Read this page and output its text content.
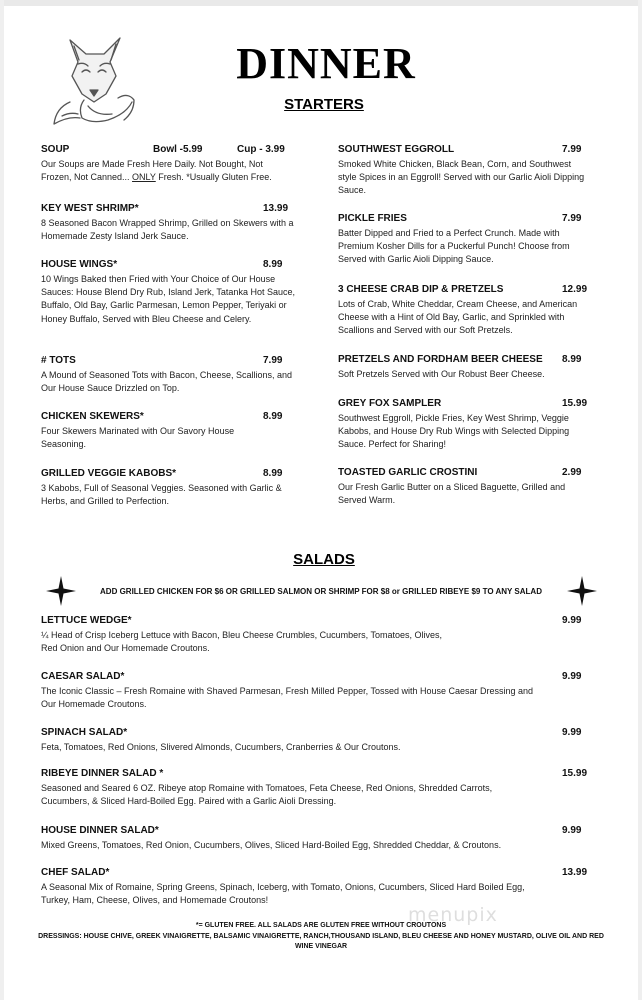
DINNER
STARTERS
SOUP	Bowl -5.99	Cup - 3.99
Our Soups are Made Fresh Here Daily. Not Bought, Not Frozen, Not Canned... ONLY Fresh. *Usually Gluten Free.
KEY WEST SHRIMP*	13.99
8 Seasoned Bacon Wrapped Shrimp, Grilled on Skewers with a Homemade Zesty Island Jerk Sauce.
HOUSE WINGS*	8.99
10 Wings Baked then Fried with Your Choice of Our House Sauces: House Blend Dry Rub, Island Jerk, Tatanka Hot Sauce, Buffalo, Old Bay, Garlic Parmesan, Lemon Pepper, Teriyaki or Honey Buffalo, Served with Bleu Cheese and Celery.
# TOTS	7.99
A Mound of Seasoned Tots with Bacon, Cheese, Scallions, and Our House Sauce Drizzled on Top.
CHICKEN SKEWERS*	8.99
Four Skewers Marinated with Our Savory House Seasoning.
GRILLED VEGGIE KABOBS*	8.99
3 Kabobs, Full of Seasonal Veggies. Seasoned with Garlic & Herbs, and Grilled to Perfection.
SOUTHWEST EGGROLL	7.99
Smoked White Chicken, Black Bean, Corn, and Southwest style Spices in an Eggroll! Served with our Garlic Aioli Dipping Sauce.
PICKLE FRIES	7.99
Batter Dipped and Fried to a Perfect Crunch. Made with Premium Kosher Dills for a Puckerful Punch! Choose from Served with Garlic Aioli Dipping Sauce.
3 CHEESE CRAB DIP & PRETZELS	12.99
Lots of Crab, White Cheddar, Cream Cheese, and American Cheese with a Hint of Old Bay, Garlic, and Sprinkled with Scallions and Served with our Soft Pretzels.
PRETZELS AND FORDHAM BEER CHEESE 8.99
Soft Pretzels Served with Our Robust Beer Cheese.
GREY FOX SAMPLER	15.99
Southwest Eggroll, Pickle Fries, Key West Shrimp, Veggie Kabobs, and House Dry Rub Wings with Selected Dipping Sauce. Perfect for Sharing!
TOASTED GARLIC CROSTINI	2.99
Our Fresh Garlic Butter on a Sliced Baguette, Grilled and Served Warm.
SALADS
ADD GRILLED CHICKEN FOR $6 OR GRILLED SALMON OR SHRIMP FOR $8 or GRILLED RIBEYE $9 TO ANY SALAD
LETTUCE WEDGE*	9.99
¼ Head of Crisp Iceberg Lettuce with Bacon, Bleu Cheese Crumbles, Cucumbers, Tomatoes, Olives, Red Onion and Our Homemade Croutons.
CAESAR SALAD*	9.99
The Iconic Classic – Fresh Romaine with Shaved Parmesan, Fresh Milled Pepper, Tossed with House Caesar Dressing and Our Homemade Croutons.
SPINACH SALAD*	9.99
Feta, Tomatoes, Red Onions, Slivered Almonds, Cucumbers, Cranberries & Our Croutons.
RIBEYE DINNER SALAD *	15.99
Seasoned and Seared 6 OZ. Ribeye atop Romaine with Tomatoes, Feta Cheese, Red Onions, Shredded Carrots, Cucumbers, & Sliced Hard-Boiled Egg. Paired with a Garlic Aioli Dressing.
HOUSE DINNER SALAD*	9.99
Mixed Greens, Tomatoes, Red Onion, Cucumbers, Olives, Sliced Hard-Boiled Egg, Shredded Cheddar, & Croutons.
CHEF SALAD*	13.99
A Seasonal Mix of Romaine, Spring Greens, Spinach, Iceberg, with Tomato, Onions, Cucumbers, Sliced Hard Boiled Egg, Turkey, Ham, Cheese, Olives, and Homemade Croutons!
menupix
*= GLUTEN FREE. ALL SALADS ARE GLUTEN FREE WITHOUT CROUTONS
DRESSINGS: HOUSE CHIVE, GREEK VINAIGRETTE, BALSAMIC VINAIGRETTE, RANCH,THOUSAND ISLAND, BLEU CHEESE AND HONEY MUSTARD, OLIVE OIL AND RED WINE VINEGAR
